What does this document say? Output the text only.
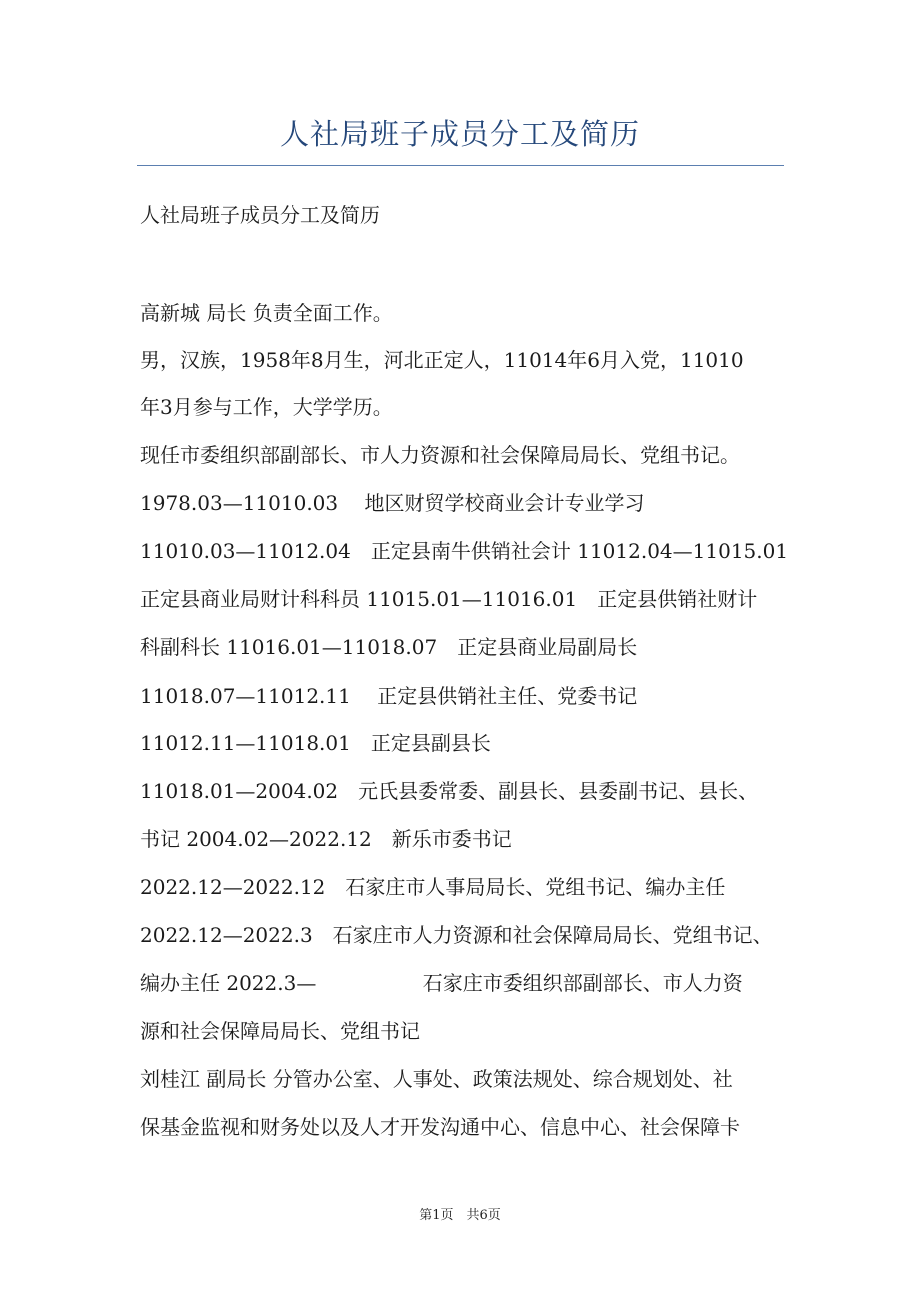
人社局班子成员分工及简历
人社局班子成员分工及简历
高新城 局长 负责全面工作。
男，汉族，1958年8月生，河北正定人，11014年6月入党，11010
年3月参与工作，大学学历。
现任市委组织部副部长、市人力资源和社会保障局局长、党组书记。
1978.03—11010.03　 地区财贸学校商业会计专业学习
11010.03—11012.04　正定县南牛供销社会计 11012.04—11015.01
正定县商业局财计科科员 11015.01—11016.01　正定县供销社财计
科副科长 11016.01—11018.07　正定县商业局副局长
11018.07—11012.11　 正定县供销社主任、党委书记
11012.11—11018.01　正定县副县长
11018.01—2004.02　元氏县委常委、副县长、县委副书记、县长、
书记 2004.02—2022.12　新乐市委书记
2022.12—2022.12　石家庄市人事局局长、党组书记、编办主任
2022.12—2022.3　石家庄市人力资源和社会保障局局长、党组书记、
编办主任 2022.3—　　　　　 石家庄市委组织部副部长、市人力资
源和社会保障局局长、党组书记
刘桂江 副局长 分管办公室、人事处、政策法规处、综合规划处、社
保基金监视和财务处以及人才开发沟通中心、信息中心、社会保障卡
第1页　共6页
